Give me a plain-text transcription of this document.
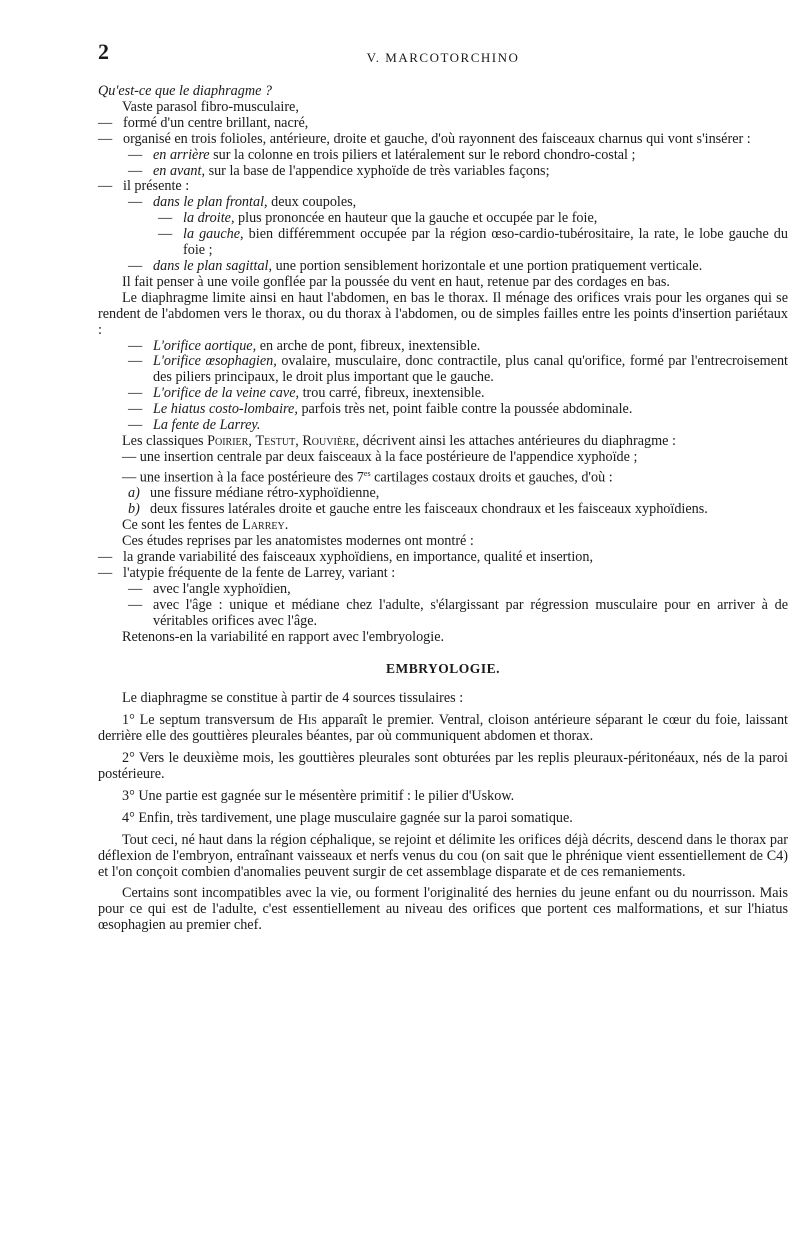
2	V. MARCOTORCHINO

Qu'est-ce que le diaphragme ?

Vaste parasol fibro-musculaire,

— formé d'un centre brillant, nacré,
— organisé en trois folioles, antérieure, droite et gauche, d'où rayonnent des faisceaux charnus qui vont s'insérer :
— en arrière sur la colonne en trois piliers et latéralement sur le rebord chondro-costal ;
— en avant, sur la base de l'appendice xyphoïde de très variables façons;
— il présente :
— dans le plan frontal, deux coupoles,
— la droite, plus prononcée en hauteur que la gauche et occupée par le foie,
— la gauche, bien différemment occupée par la région œso-cardio-tubérositaire, la rate, le lobe gauche du foie ;
— dans le plan sagittal, une portion sensiblement horizontale et une portion pratiquement verticale.

Il fait penser à une voile gonflée par la poussée du vent en haut, retenue par des cordages en bas.

Le diaphragme limite ainsi en haut l'abdomen, en bas le thorax. Il ménage des orifices vrais pour les organes qui se rendent de l'abdomen vers le thorax, ou du thorax à l'abdomen, ou de simples failles entre les points d'insertion pariétaux :

— L'orifice aortique, en arche de pont, fibreux, inextensible.
— L'orifice œsophagien, ovalaire, musculaire, donc contractile, plus canal qu'orifice, formé par l'entrecroisement des piliers principaux, le droit plus important que le gauche.
— L'orifice de la veine cave, trou carré, fibreux, inextensible.
— Le hiatus costo-lombaire, parfois très net, point faible contre la poussée abdominale.
— La fente de Larrey.

Les classiques Poirier, Testut, Rouvière, décrivent ainsi les attaches antérieures du diaphragme :

— une insertion centrale par deux faisceaux à la face postérieure de l'appendice xyphoïde ;

— une insertion à la face postérieure des $7^{es}$ cartilages costaux droits et gauches, d'où :

a) une fissure médiane rétro-xyphoïdienne,
b) deux fissures latérales droite et gauche entre les faisceaux chondraux et les faisceaux xyphoïdiens.

Ce sont les fentes de Larrey.

Ces études reprises par les anatomistes modernes ont montré :

— la grande variabilité des faisceaux xyphoïdiens, en importance, qualité et insertion,
— l'atypie fréquente de la fente de Larrey, variant :
— avec l'angle xyphoïdien,
— avec l'âge : unique et médiane chez l'adulte, s'élargissant par régression musculaire pour en arriver à de véritables orifices avec l'âge.

Retenons-en la variabilité en rapport avec l'embryologie.

EMBRYOLOGIE.

Le diaphragme se constitue à partir de 4 sources tissulaires :

1° Le septum transversum de His apparaît le premier. Ventral, cloison antérieure séparant le cœur du foie, laissant derrière elle des gouttières pleurales béantes, par où communiquent abdomen et thorax.

2° Vers le deuxième mois, les gouttières pleurales sont obturées par les replis pleuraux-péritonéaux, nés de la paroi postérieure.

3° Une partie est gagnée sur le mésentère primitif : le pilier d'Uskow.

4° Enfin, très tardivement, une plage musculaire gagnée sur la paroi somatique.

Tout ceci, né haut dans la région céphalique, se rejoint et délimite les orifices déjà décrits, descend dans le thorax par déflexion de l'embryon, entraînant vaisseaux et nerfs venus du cou (on sait que le phrénique vient essentiellement de C4) et l'on conçoit combien d'anomalies peuvent surgir de cet assemblage disparate et de ces remaniements.

Certains sont incompatibles avec la vie, ou forment l'originalité des hernies du jeune enfant ou du nourrisson. Mais pour ce qui est de l'adulte, c'est essentiellement au niveau des orifices que portent ces malformations, et sur l'hiatus œsophagien au premier chef.
